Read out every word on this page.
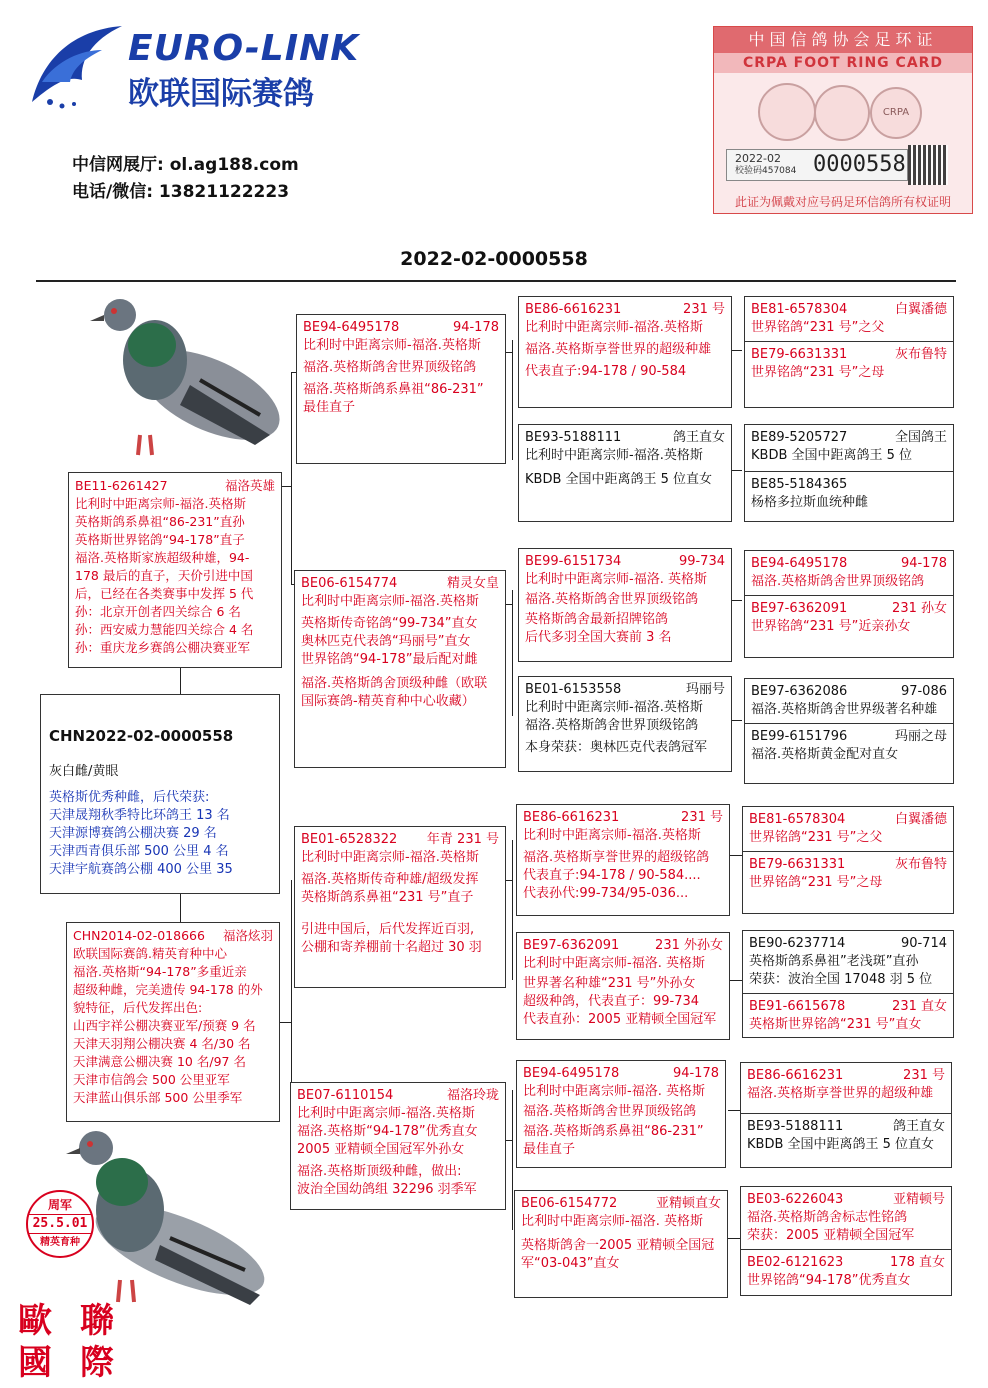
EURO-LINK
欧联国际赛鸽
中信网展厅: ol.ag188.com
电话/微信: 13821122223
中国信鸽协会足环证
CRPA FOOT RING CARD
CRPA
2022-02
校验码457084 0000558
此证为佩戴对应号码足环信鸽所有权证明
2022-02-0000558
周军
25.5.01
精英育种
歐 聯
國 際
CHN2022-02-0000558
灰白雌/黄眼
英格斯优秀种雌，后代荣获:
天津晟翔秋季特比环鸽王 13 名
天津源博赛鸽公棚决赛 29 名
天津西青俱乐部 500 公里 4 名
天津宇航赛鸽公棚 400 公里 35
BE11-6261427	福洛英雄
比利时中距离宗师-福洛.英格斯
英格斯鸽系鼻祖“86-231”直孙
英格斯世界铭鸽“94-178”直子
福洛.英格斯家族超级种雄，94-
178 最后的直子，天价引进中国
后，已经在各类赛事中发挥 5 代
孙：北京开创者四关综合 6 名
孙：西安威力慧能四关综合 4 名
孙：重庆龙乡赛鸽公棚决赛亚军
CHN2014-02-018666 福洛炫羽
欧联国际赛鸽.精英育种中心
福洛.英格斯“94-178”多重近亲
超级种雌，完美遗传 94-178 的外
貌特征，后代发挥出色:
山西宇祥公棚决赛亚军/预赛 9 名
天津天羽翔公棚决赛 4 名/30 名
天津满意公棚决赛 10 名/97 名
天津市信鸽会 500 公里亚军
天津蓝山俱乐部 500 公里季军
BE94-6495178	94-178
比利时中距离宗师-福洛.英格斯
福洛.英格斯鸽舍世界顶级铭鸽
福洛.英格斯鸽系鼻祖“86-231”
最佳直子
BE06-6154774	精灵女皇
比利时中距离宗师-福洛.英格斯
英格斯传奇铭鸽“99-734”直女
奥林匹克代表鸽“玛丽号”直女
世界铭鸽“94-178”最后配对雌
福洛.英格斯鸽舍顶级种雌（欧联
国际赛鸽-精英育种中心收藏）
BE01-6528322 年青 231 号
比利时中距离宗师-福洛.英格斯
福洛.英格斯传奇种雄/超级发挥
英格斯鸽系鼻祖“231 号”直子
引进中国后，后代发挥近百羽,
公棚和寄养棚前十名超过 30 羽
BE07-6110154	福洛玲珑
比利时中距离宗师-福洛.英格斯
福洛.英格斯“94-178”优秀直女
2005 亚精顿全国冠军外孙女
福洛.英格斯顶级种雌，做出:
波治全国幼鸽组 32296 羽季军
BE86-6616231	231 号
比利时中距离宗师-福洛.英格斯
福洛.英格斯享誉世界的超级种雄
代表直子:94-178 / 90-584
BE93-5188111	鸽王直女
比利时中距离宗师-福洛.英格斯
KBDB 全国中距离鸽王 5 位直女
BE99-6151734	99-734
比利时中距离宗师-福洛. 英格斯
福洛.英格斯鸽舍世界顶级铭鸽
英格斯鸽舍最新招牌铭鸽
后代多羽全国大赛前 3 名
BE01-6153558	玛丽号
比利时中距离宗师-福洛.英格斯
福洛.英格斯鸽舍世界顶级铭鸽
本身荣获：奥林匹克代表鸽冠军
BE86-6616231	231 号
比利时中距离宗师-福洛.英格斯
福洛.英格斯享誉世界的超级铭鸽
代表直子:94-178 / 90-584....
代表孙代:99-734/95-036...
BE97-6362091	231 外孙女
比利时中距离宗师-福洛. 英格斯
世界著名种雄“231 号”外孙女
超级种鸽，代表直子：99-734
代表直孙：2005 亚精顿全国冠军
BE94-6495178	94-178
比利时中距离宗师-福洛. 英格斯
福洛.英格斯鸽舍世界顶级铭鸽
福洛.英格斯鸽系鼻祖“86-231”
最佳直子
BE06-6154772	亚精顿直女
比利时中距离宗师-福洛. 英格斯
英格斯鸽舍一2005 亚精顿全国冠
军“03-043”直女
BE81-6578304	白翼潘德
世界铭鸽“231 号”之父
BE79-6631331	灰布鲁特
世界铭鸽“231 号”之母
BE89-5205727	全国鸽王
KBDB 全国中距离鸽王 5 位
BE85-5184365
杨格多拉斯血统种雌
BE94-6495178	94-178
福洛.英格斯鸽舍世界顶级铭鸽
BE97-6362091	231 孙女
世界铭鸽“231 号”近亲孙女
BE97-6362086	97-086
福洛.英格斯鸽舍世界级著名种雄
BE99-6151796	玛丽之母
福洛.英格斯黄金配对直女
BE81-6578304	白翼潘德
世界铭鸽“231 号”之父
BE79-6631331	灰布鲁特
世界铭鸽“231 号”之母
BE90-6237714	90-714
英格斯鸽系鼻祖”老浅斑”直孙
荣获：波治全国 17048 羽 5 位
BE91-6615678	231 直女
英格斯世界铭鸽“231 号”直女
BE86-6616231	231 号
福洛.英格斯享誉世界的超级种雄
BE93-5188111	鸽王直女
KBDB 全国中距离鸽王 5 位直女
BE03-6226043	亚精顿号
福洛.英格斯鸽舍标志性铭鸽
荣获：2005 亚精顿全国冠军
BE02-6121623	178 直女
世界铭鸽“94-178”优秀直女
